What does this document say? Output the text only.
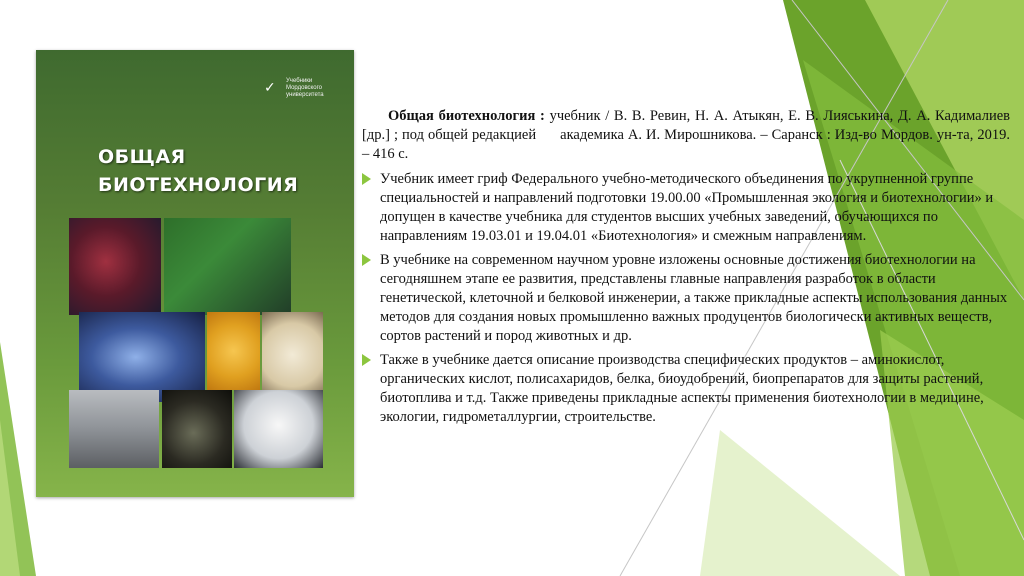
✓	Учебники
Мордовского
университета
ОБЩАЯ
БИОТЕХНОЛОГИЯ

Общая биотехнология : учебник / В. В. Ревин, Н. А. Атыкян, Е. В. Лияськина, Д. А. Кадималиев [др.] ; под общей редакцией академика А. И. Мирошникова. – Саранск : Изд-во Мордов. ун-та, 2019. – 416 с.

Учебник имеет гриф Федерального учебно-методического объединения по укрупненной группе специальностей и направлений подготовки 19.00.00 «Промышленная экология и биотехнологии» и допущен в качестве учебника для студентов высших учебных заведений, обучающихся по направлениям 19.03.01 и 19.04.01 «Биотехнология» и смежным направлениям.
В учебнике на современном научном уровне изложены основные достижения биотехнологии на сегодняшнем этапе ее развития, представлены главные направления разработок в области генетической, клеточной и белковой инженерии, а также прикладные аспекты использования данных методов для создания новых промышленно важных продуцентов биологически активных веществ, сортов растений и пород животных и др.
Также в учебнике дается описание производства специфических продуктов – аминокислот, органических кислот, полисахаридов, белка, биоудобрений, биопрепаратов для защиты растений, биотоплива и т.д. Также приведены прикладные аспекты применения биотехнологии в медицине, экологии, гидрометаллургии, строительстве.
